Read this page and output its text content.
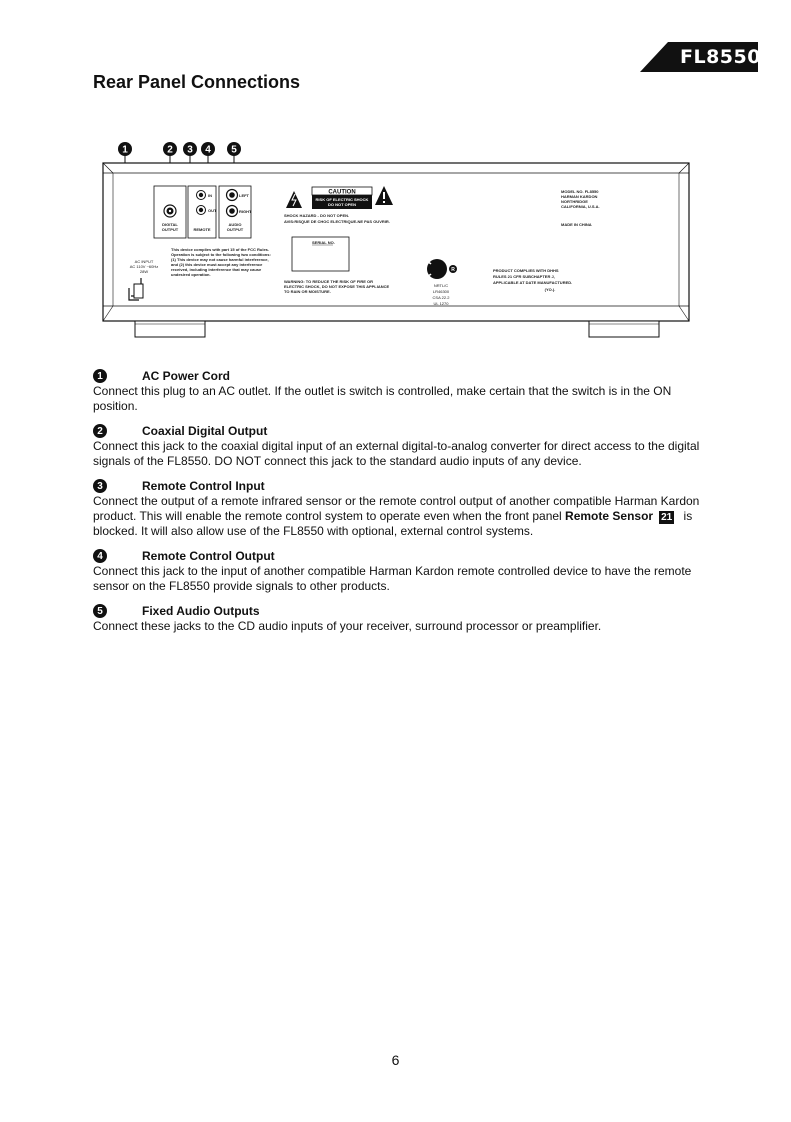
FL8550
Rear Panel Connections
1	2 3 4 5
DIGITAL
OUTPUT
IN
OUT
REMOTE
LEFT
RIGHT
AUDIO
OUTPUT
AC INPUT
AC 110V ~60Hz
28W
This device complies with part 15 of the FCC Rules.
Operation is subject to the following two conditions:
(1) This device may not cause harmful interference,
and (2) this device must accept any interference
received, including interference that may cause
undesired operation.
CAUTION
RISK OF ELECTRIC SHOCK
DO NOT OPEN
SHOCK HAZARD - DO NOT OPEN.
AVIS:RISQUE DE CHOC ELECTRIQUE-NE PAS OUVRIR.
SERIAL NO.
WARNING: TO REDUCE THE RISK OF FIRE OR
ELECTRIC SHOCK, DO NOT EXPOSE THIS APPLIANCE
TO RAIN OR MOISTURE.
R
NRTL/C
LR46300
CSA 22.2
UL 1270
MODEL NO. FL8550
HARMAN KARDON
NORTHRIDGE
CALIFORNIA, U.S.A.
MADE IN CHINA
PRODUCT COMPLIES WITH DHHS
RULES 21 CFR SUBCHAPTER J,
APPLICABLE AT DATE MANUFACTURED.
(YO.).
1	AC Power Cord

Connect this plug to an AC outlet. If the outlet is switch is controlled, make certain that the switch is in the ON position.

2	Coaxial Digital Output

Connect this jack to the coaxial digital input of an external digital-to-analog converter for direct access to the digital signals of the FL8550. DO NOT connect this jack to the standard audio inputs of any device.

3	Remote Control Input

Connect the output of a remote infrared sensor or the remote control output of another compatible Harman Kardon product. This will enable the remote control system to operate even when the front panel Remote Sensor 21 is blocked. It will also allow use of the FL8550 with optional, external control systems.

4	Remote Control Output

Connect this jack to the input of another compatible Harman Kardon remote controlled device to have the remote sensor on the FL8550 provide signals to other products.

5	Fixed Audio Outputs

Connect these jacks to the CD audio inputs of your receiver, surround processor or preamplifier.

6
